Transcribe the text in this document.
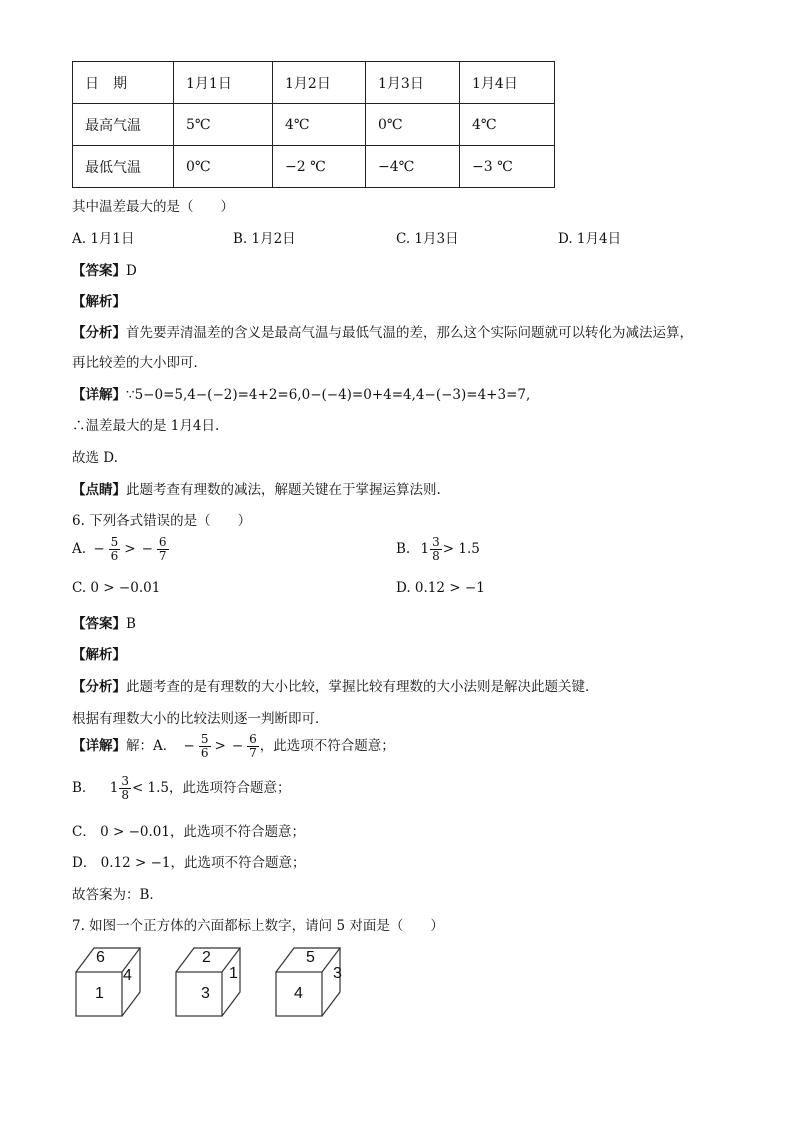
日　期	1月1日	1月2日	1月3日	1月4日
最高气温	5℃	4℃	0℃	4℃
最低气温	0℃	−2 ℃	−4℃	−3 ℃
其中温差最大的是（　　）
A. 1月1日	B. 1月2日	C. 1月3日	D. 1月4日
【答案】D
【解析】
【分析】首先要弄清温差的含义是最高气温与最低气温的差，那么这个实际问题就可以转化为减法运算，
再比较差的大小即可．
【详解】∵5−0=5,4−(−2)=4+2=6,0−(−4)=0+4=4,4−(−3)=4+3=7,
∴温差最大的是 1月4日.
故选 D.
【点睛】此题考查有理数的减法，解题关键在于掌握运算法则.
6. 下列各式错误的是（　　）
A. − $\frac{5}{6}$ > − $\frac{6}{7}$	B. $1 \frac{3}{8} > 1.5$
C. 0 > −0.01	D. 0.12 > −1
【答案】B
【解析】
【分析】此题考查的是有理数的大小比较，掌握比较有理数的大小法则是解决此题关键．
根据有理数大小的比较法则逐一判断即可．
【详解】解：A． − $\frac{5}{6}$ > − $\frac{6}{7}$ ，此选项不符合题意；
B． $1 \frac{3}{8} < 1.5$，此选项符合题意；
C． 0 > −0.01，此选项不符合题意；
D． 0.12 > −1，此选项不符合题意；
故答案为：B．
7. 如图一个正方体的六面都标上数字，请问 5 对面是（　　）
6
1
4
2
3
1
5
4
3
